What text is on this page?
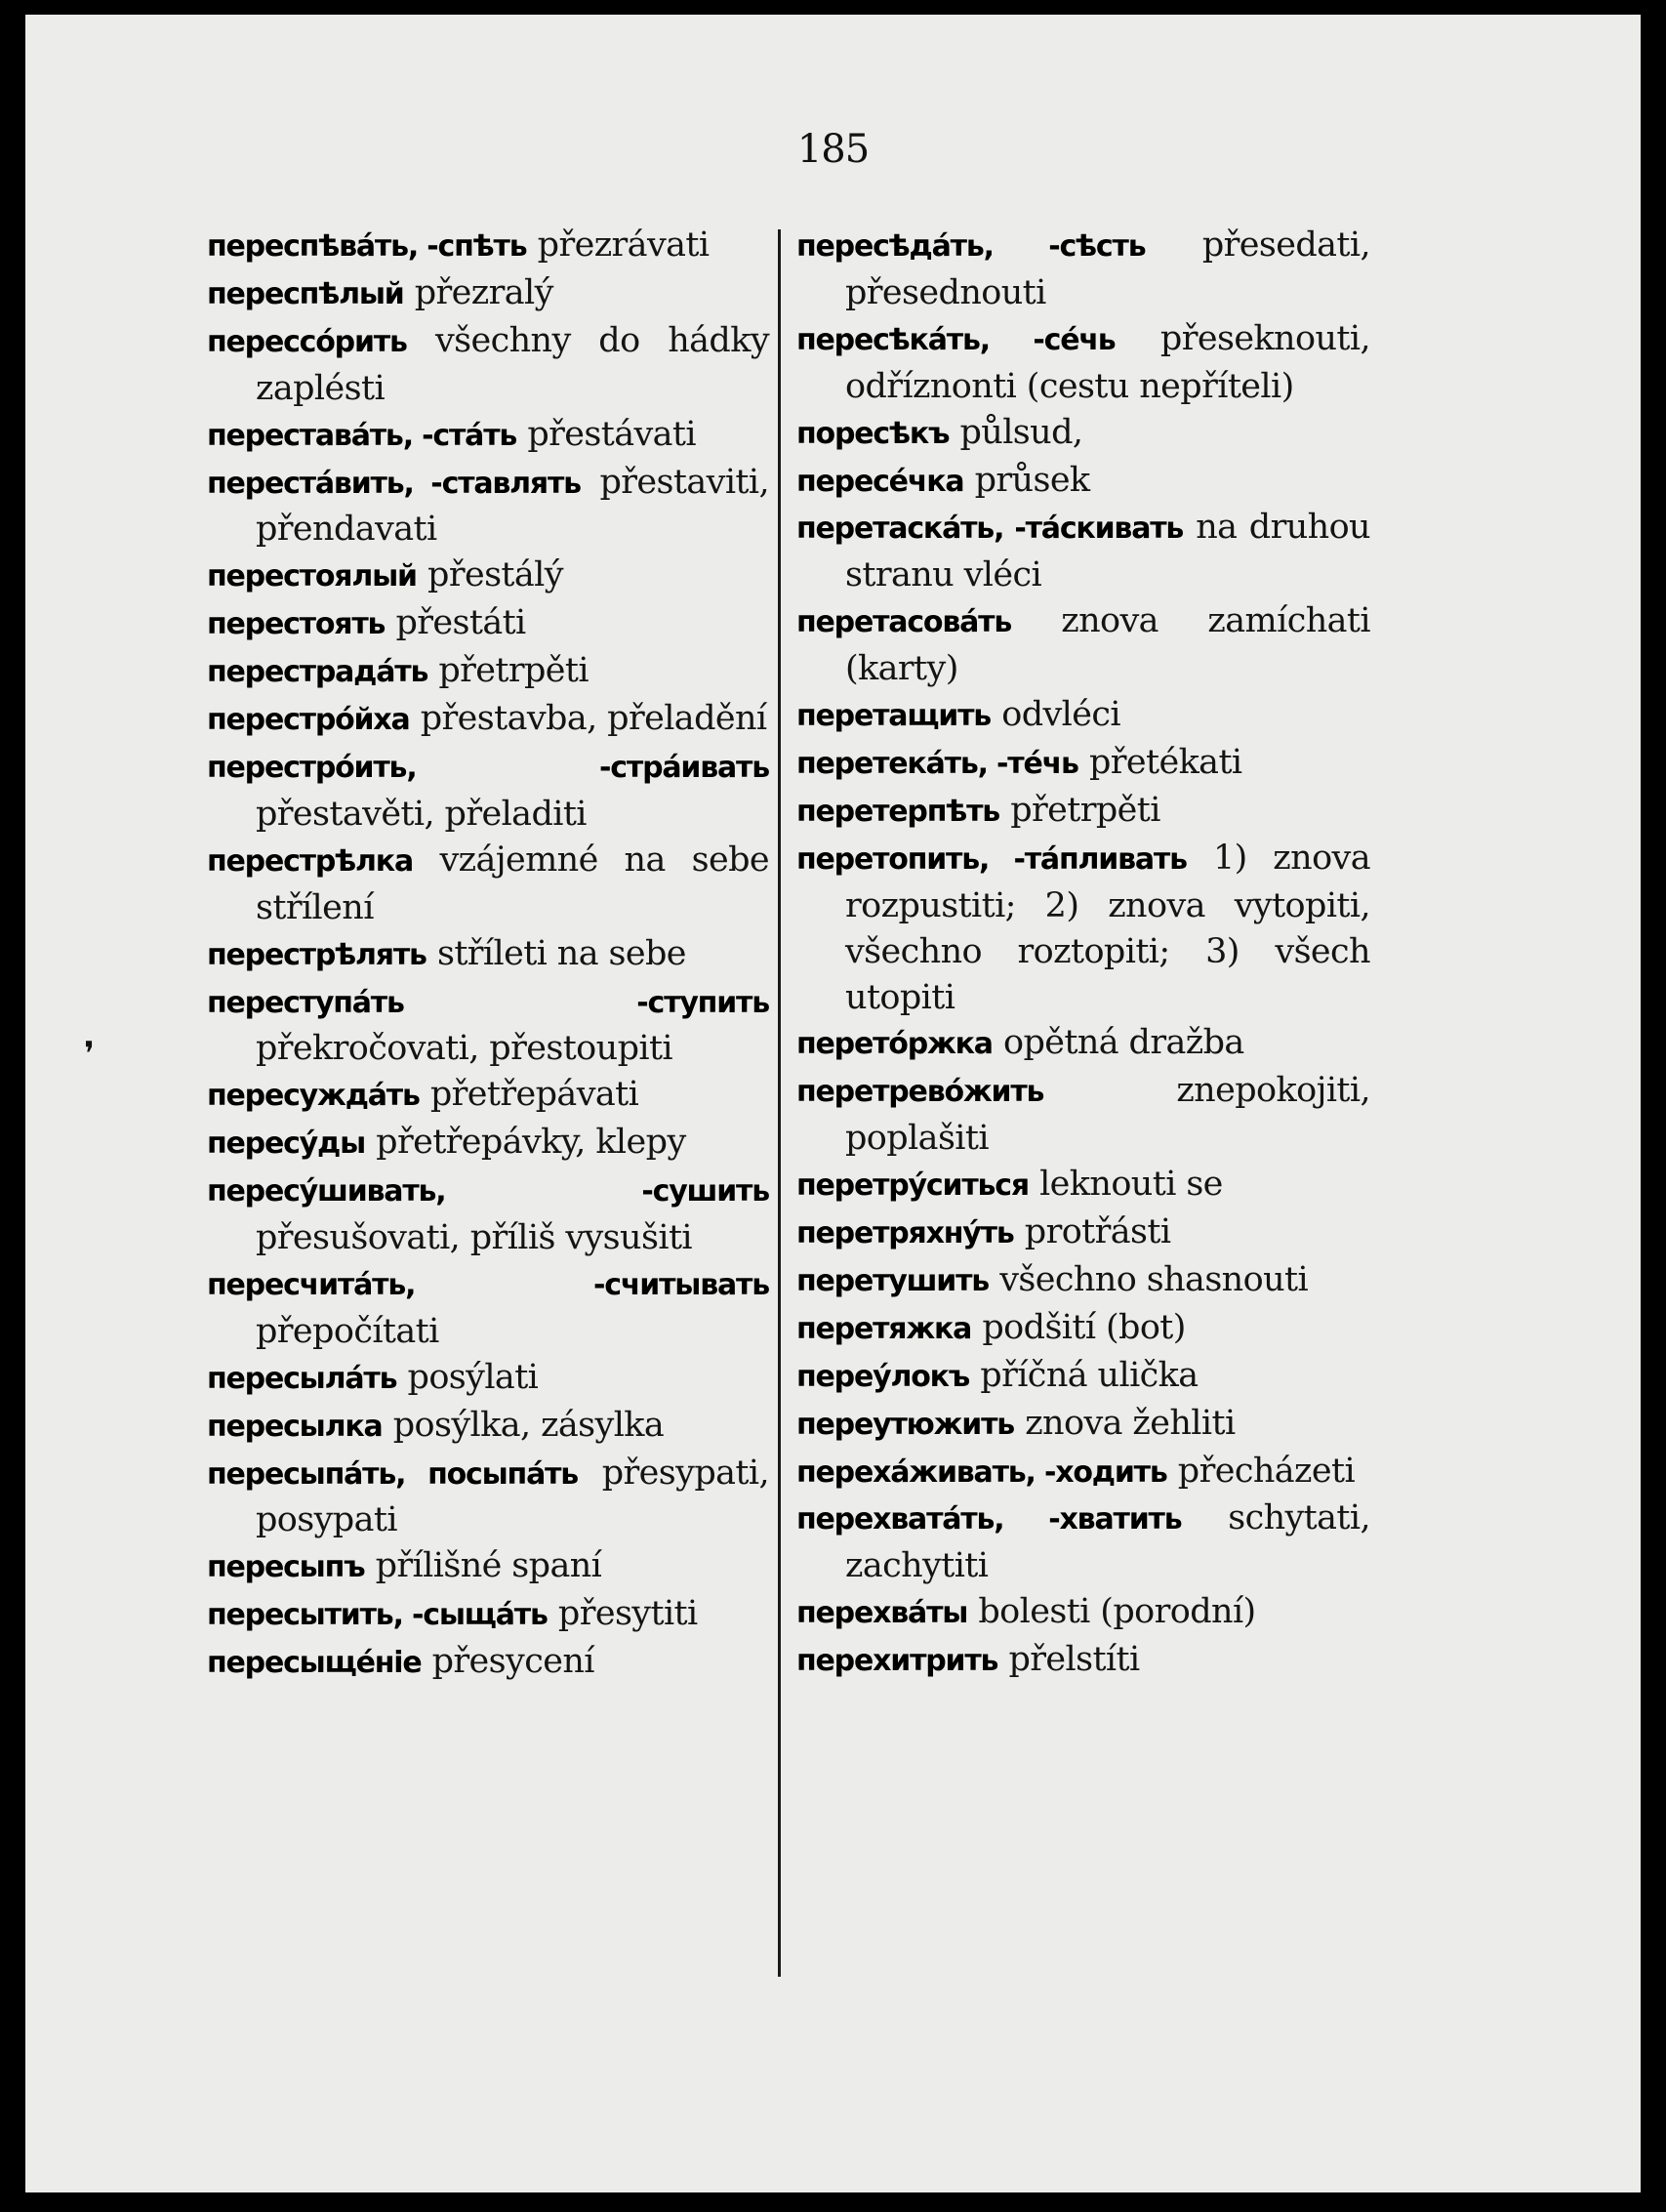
185
❜

переспѣвáть, -спѣть přezrávati

переспѣлый přezralý

перессóрить všechny do hádky zaplésti

переставáть, -стáть přestávati

перестáвить, -ставлять přestaviti, přendavati

перестоялый přestálý

перестоять přestáti

перестрадáть přetrpěti

перестрóйха přestavba, přeladění

перестрóить, -стрáивать přestavěti, přeladiti

перестрѣлка vzájemné na sebe střílení

перестрѣлять stříleti na sebe

переступáть -ступить překročovati, přestoupiti

пересуждáть přetřepávati

пересýды přetřepávky, klepy

пересýшивать, -сушить přesušovati, příliš vysušiti

пересчитáть, -считывать přepočítati

пересылáть posýlati

пересылка posýlka, zásylka

пересыпáть, посыпáть přesypati, posypati

пересыпъ přílišné spaní

пересытить, -сыщáть přesytiti

пересыщéніе přesycení

пересѣдáть, -сѣсть přesedati, přesednouti

пересѣкáть, -сéчь přeseknouti, odříznonti (cestu nepříteli)

поресѣкъ půlsud,

пересéчка průsek

перетаскáть, -тáскивать na druhou stranu vléci

перетасовáть znova zamíchati (karty)

перетащить odvléci

перетекáть, -тéчь přetékati

перетерпѣть přetrpěti

перетопить, -тáпливать 1) znova rozpustiti; 2) znova vytopiti, všechno roztopiti; 3) všech utopiti

перетóржка opětná dražba

перетревóжить	znepokojiti, poplašiti

перетрýситься leknouti se

перетряхнýть protřásti

перетушить všechno shasnouti

перетяжка podšití (bot)

переýлокъ příčná ulička

переутюжить znova žehliti

перехáживать, -ходить přecházeti

перехватáть, -хватить schytati, zachytiti

перехвáты bolesti (porodní)

перехитрить přelstíti
